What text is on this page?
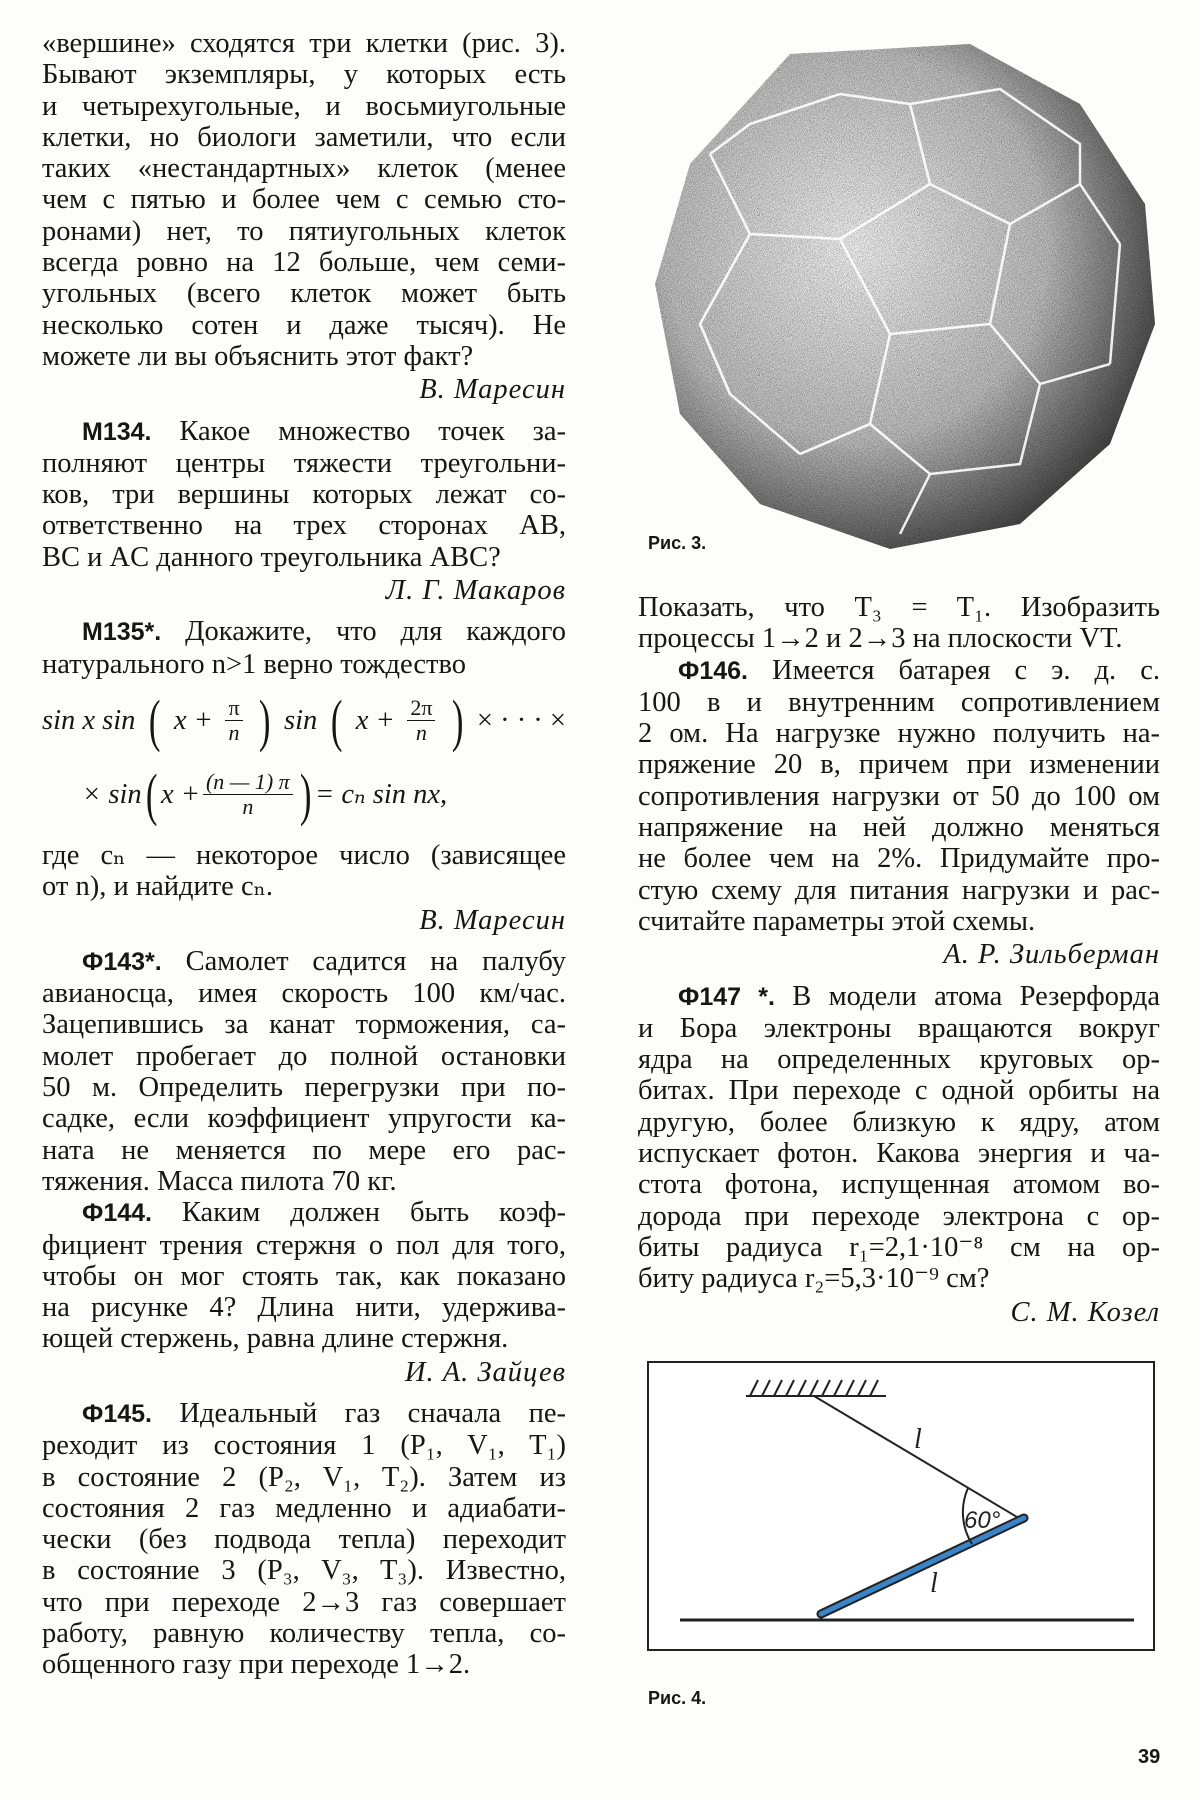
«вершине» сходятся три клетки (рис. 3).
Бывают экземпляры, у которых есть
и четырехугольные, и восьмиугольные
клетки, но биологи заметили, что если
таких «нестандартных» клеток (менее
чем с пятью и более чем с семью сто-
ронами) нет, то пятиугольных клеток
всегда ровно на 12 больше, чем семи-
угольных (всего клеток может быть
несколько сотен и даже тысяч). Не
можете ли вы объяснить этот факт?

В. Маресин

М134. Какое множество точек за-
полняют центры тяжести треугольни-
ков, три вершины которых лежат со-
ответственно на трех сторонах AB,
BC и AC данного треугольника ABC?

Л. Г. Макаров

М135*. Докажите, что для каждого
натурального n>1 верно тождество

sin x sin ( $x + \frac{\pi}{n}$ ) sin ( $x + \frac{2\pi}{n}$ ) × · · · ×
× sin ( $x + \frac{(n — 1) \pi}{n}$ ) = cₙ sin nx,

где cₙ — некоторое число (зависящее
от n), и найдите cₙ.

В. Маресин

Ф143*. Самолет садится на палубу
авианосца, имея скорость 100 км/час.
Зацепившись за канат торможения, са-
молет пробегает до полной остановки
50 м. Определить перегрузки при по-
садке, если коэффициент упругости ка-
ната не меняется по мере его рас-
тяжения. Масса пилота 70 кг.

Ф144. Каким должен быть коэф-
фициент трения стержня о пол для того,
чтобы он мог стоять так, как показано
на рисунке 4? Длина нити, удержива-
ющей стержень, равна длине стержня.

И. А. Зайцев

Ф145. Идеальный газ сначала пе-
реходит из состояния 1 (P₁, V₁, T₁)
в состояние 2 (P₂, V₁, T₂). Затем из
состояния 2 газ медленно и адиабати-
чески (без подвода тепла) переходит
в состояние 3 (P₃, V₃, T₃). Известно,
что при переходе 2→3 газ совершает
работу, равную количеству тепла, со-
общенного газу при переходе 1→2.

Рис. 3.

Показать, что T₃ = T₁. Изобразить
процессы 1→2 и 2→3 на плоскости VT.

Ф146. Имеется батарея с э. д. с.
100 в и внутренним сопротивлением
2 ом. На нагрузке нужно получить на-
пряжение 20 в, причем при изменении
сопротивления нагрузки от 50 до 100 ом
напряжение на ней должно меняться
не более чем на 2%. Придумайте про-
стую схему для питания нагрузки и рас-
считайте параметры этой схемы.

А. Р. Зильберман

Ф147 *. В модели атома Резерфорда
и Бора электроны вращаются вокруг
ядра на определенных круговых ор-
битах. При переходе с одной орбиты на
другую, более близкую к ядру, атом
испускает фотон. Какова энергия и ча-
стота фотона, испущенная атомом во-
дорода при переходе электрона с ор-
биты радиуса r₁=2,1·10⁻⁸ см на ор-
биту радиуса r₂=5,3·10⁻⁹ см?

С. М. Козел
60°
l
l
Рис. 4.
39
